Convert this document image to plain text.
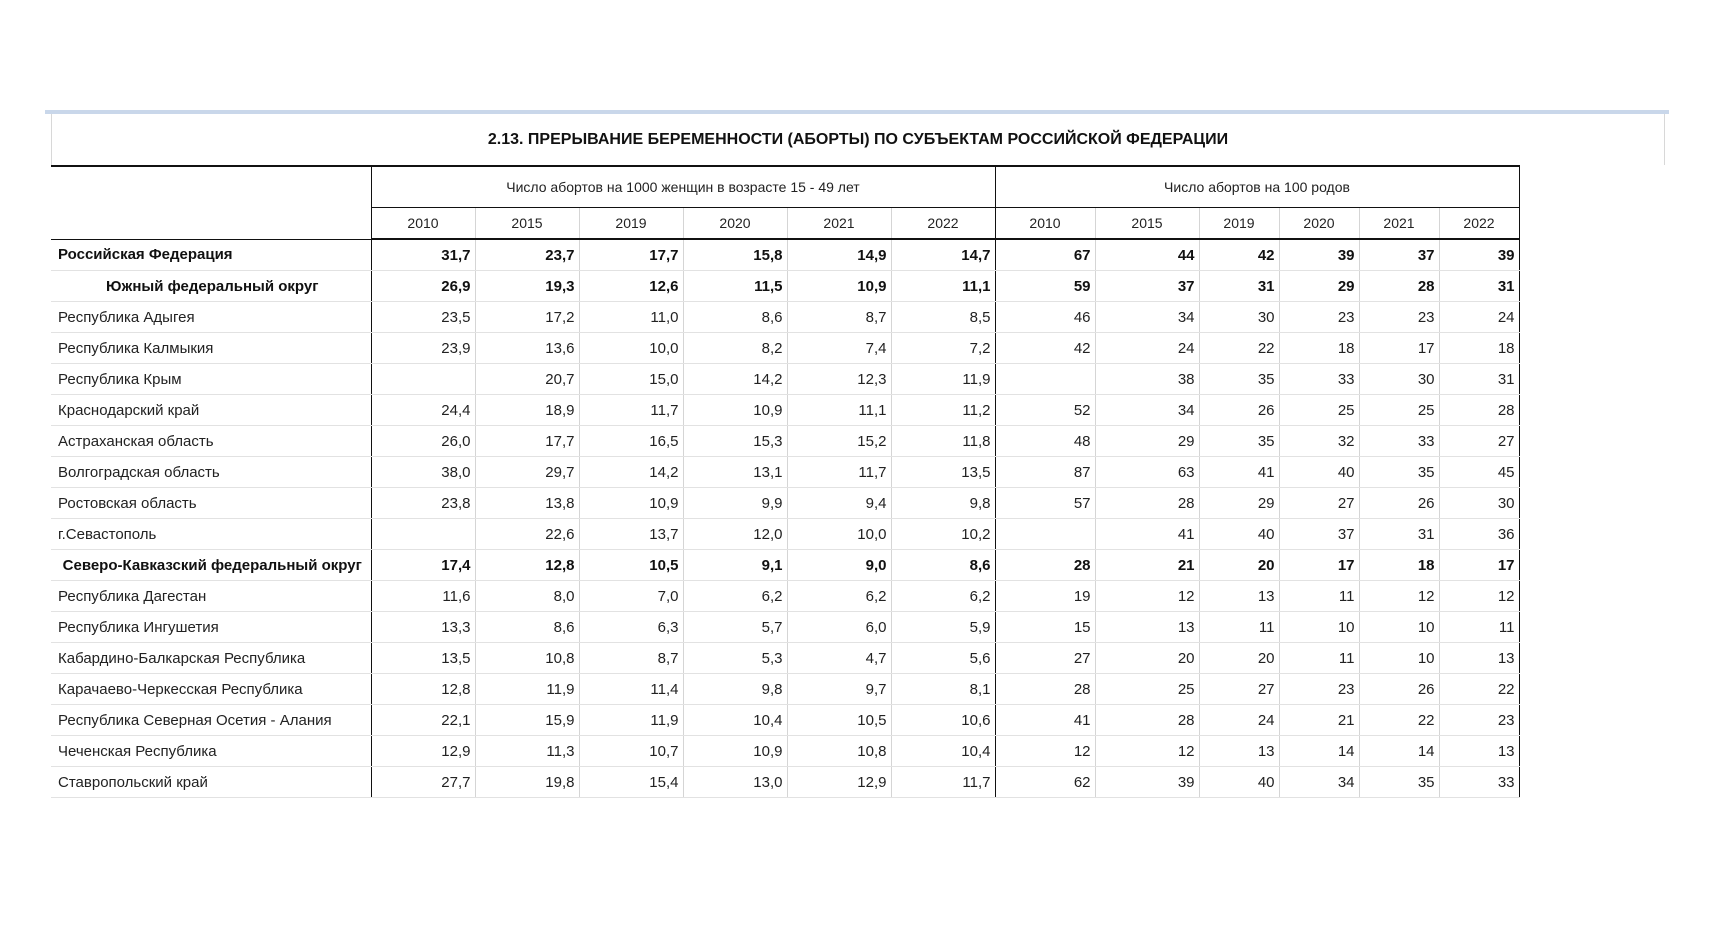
2.13. ПРЕРЫВАНИЕ БЕРЕМЕННОСТИ (АБОРТЫ) ПО СУБЪЕКТАМ РОССИЙСКОЙ ФЕДЕРАЦИИ
	Число абортов на 1000 женщин в возрасте 15 - 49 лет						Число абортов на 100 родов					
	2010	2015	2019	2020	2021	2022	2010	2015	2019	2020	2021	2022
Российская Федерация	31,7	23,7	17,7	15,8	14,9	14,7	67	44	42	39	37	39
Южный федеральный округ	26,9	19,3	12,6	11,5	10,9	11,1	59	37	31	29	28	31
Республика Адыгея	23,5	17,2	11,0	8,6	8,7	8,5	46	34	30	23	23	24
Республика Калмыкия	23,9	13,6	10,0	8,2	7,4	7,2	42	24	22	18	17	18
Республика Крым		20,7	15,0	14,2	12,3	11,9		38	35	33	30	31
Краснодарский край	24,4	18,9	11,7	10,9	11,1	11,2	52	34	26	25	25	28
Астраханская область	26,0	17,7	16,5	15,3	15,2	11,8	48	29	35	32	33	27
Волгоградская область	38,0	29,7	14,2	13,1	11,7	13,5	87	63	41	40	35	45
Ростовская область	23,8	13,8	10,9	9,9	9,4	9,8	57	28	29	27	26	30
г.Севастополь		22,6	13,7	12,0	10,0	10,2		41	40	37	31	36
Северо-Кавказский федеральный округ	17,4	12,8	10,5	9,1	9,0	8,6	28	21	20	17	18	17
Республика Дагестан	11,6	8,0	7,0	6,2	6,2	6,2	19	12	13	11	12	12
Республика Ингушетия	13,3	8,6	6,3	5,7	6,0	5,9	15	13	11	10	10	11
Кабардино-Балкарская Республика	13,5	10,8	8,7	5,3	4,7	5,6	27	20	20	11	10	13
Карачаево-Черкесская Республика	12,8	11,9	11,4	9,8	9,7	8,1	28	25	27	23	26	22
Республика Северная Осетия - Алания	22,1	15,9	11,9	10,4	10,5	10,6	41	28	24	21	22	23
Чеченская Республика	12,9	11,3	10,7	10,9	10,8	10,4	12	12	13	14	14	13
Ставропольский край	27,7	19,8	15,4	13,0	12,9	11,7	62	39	40	34	35	33
